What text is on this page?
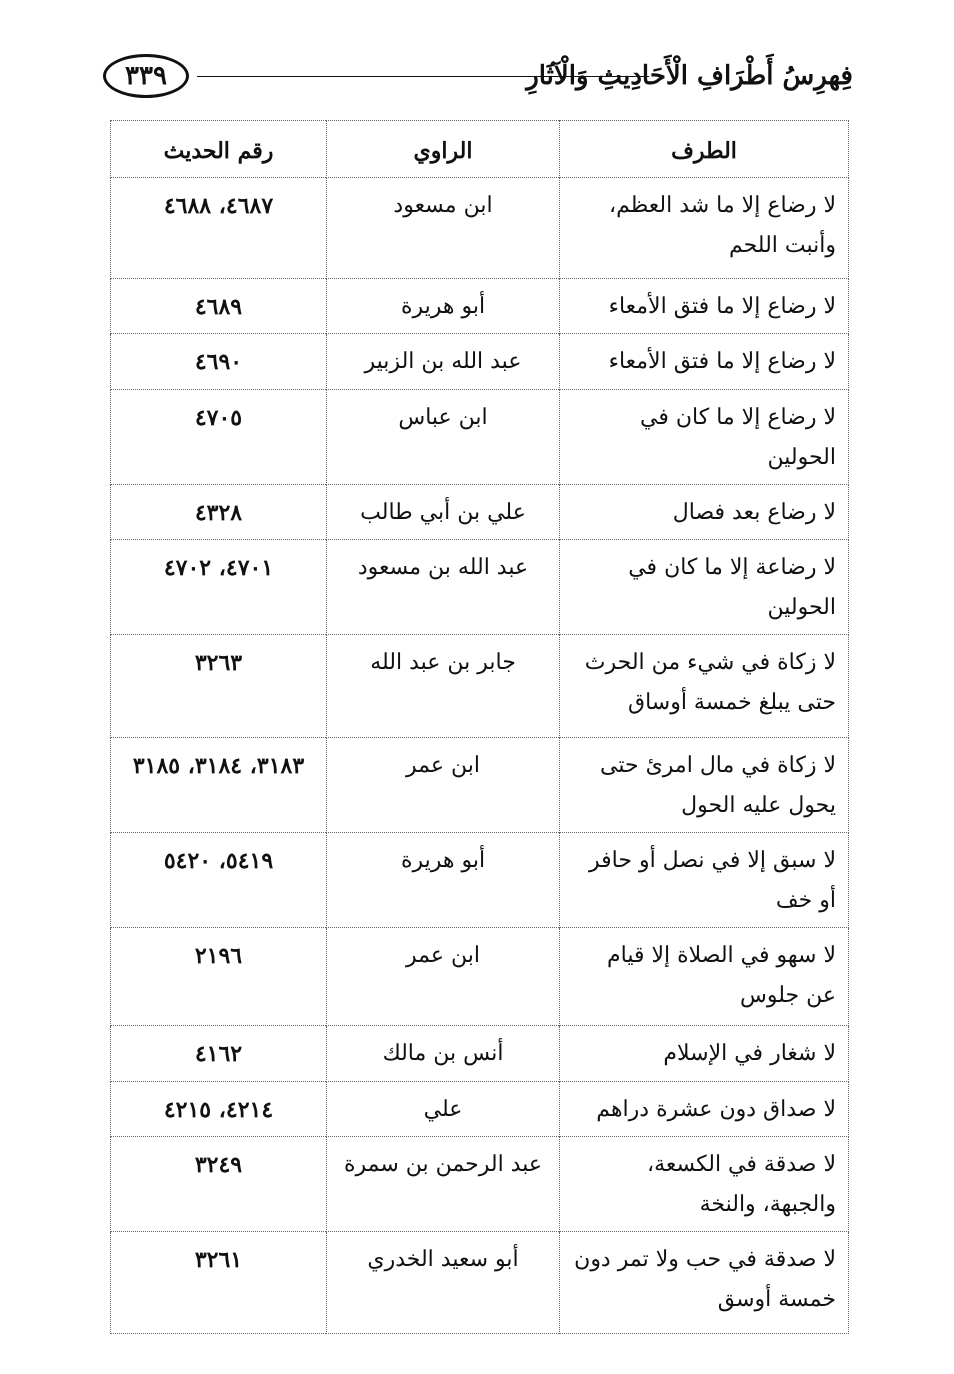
٣٣٩	فِهرِسُ أَطْرَافِ الْأَحَادِيثِ وَالْآثَارِ
الطرف	الراوي	رقم الحديث
لا رضاع إلا ما شد العظم، وأنبت اللحم	ابن مسعود	٤٦٨٧، ٤٦٨٨
لا رضاع إلا ما فتق الأمعاء	أبو هريرة	٤٦٨٩
لا رضاع إلا ما فتق الأمعاء	عبد الله بن الزبير	٤٦٩٠
لا رضاع إلا ما كان في الحولين	ابن عباس	٤٧٠٥
لا رضاع بعد فصال	علي بن أبي طالب	٤٣٢٨
لا رضاعة إلا ما كان في الحولين	عبد الله بن مسعود	٤٧٠١، ٤٧٠٢
لا زكاة في شيء من الحرث حتى يبلغ خمسة أوساق	جابر بن عبد الله	٣٢٦٣
لا زكاة في مال امرئ حتى يحول عليه الحول	ابن عمر	٣١٨٣، ٣١٨٤، ٣١٨٥
لا سبق إلا في نصل أو حافر أو خف	أبو هريرة	٥٤١٩، ٥٤٢٠
لا سهو في الصلاة إلا قيام عن جلوس	ابن عمر	٢١٩٦
لا شغار في الإسلام	أنس بن مالك	٤١٦٢
لا صداق دون عشرة دراهم	علي	٤٢١٤، ٤٢١٥
لا صدقة في الكسعة، والجبهة، والنخة	عبد الرحمن بن سمرة	٣٢٤٩
لا صدقة في حب ولا تمر دون خمسة أوسق	أبو سعيد الخدري	٣٢٦١
